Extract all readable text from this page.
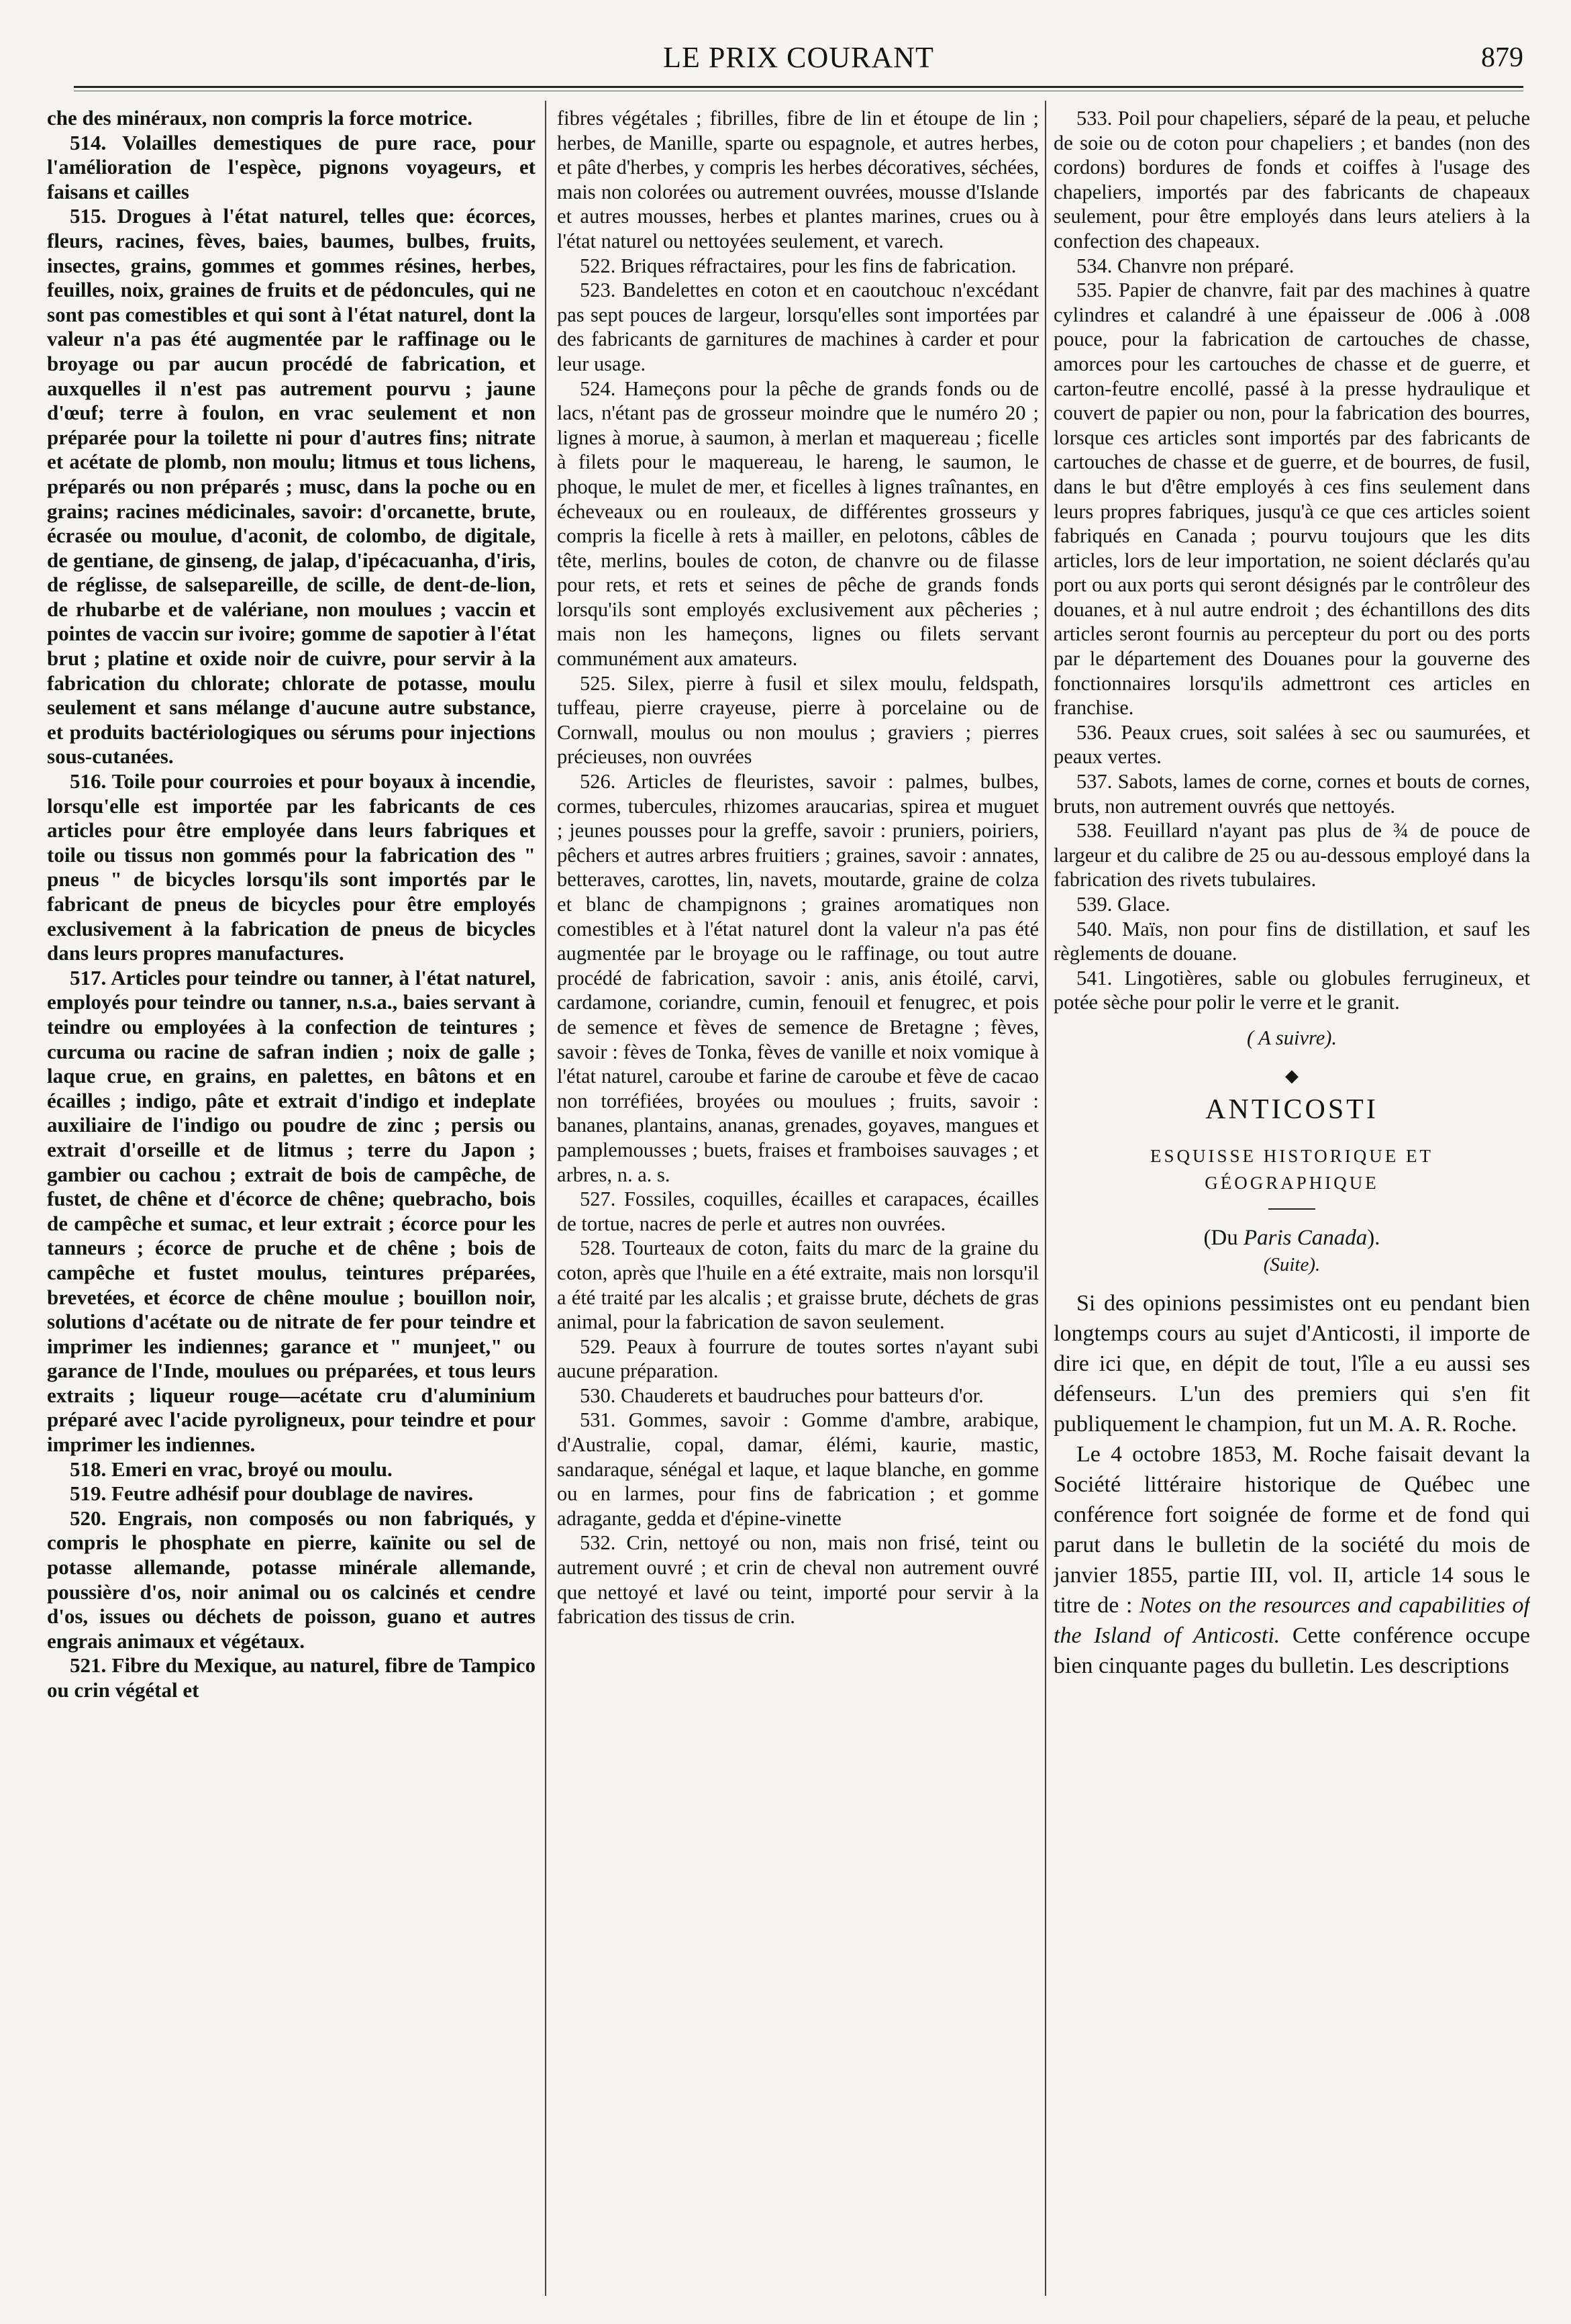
LE PRIX COURANT	879

che des minéraux, non compris la force motrice.

514. Volailles demestiques de pure race, pour l'amélioration de l'espèce, pignons voyageurs, et faisans et cailles

515. Drogues à l'état naturel, telles que: écorces, fleurs, racines, fèves, baies, baumes, bulbes, fruits, insectes, grains, gommes et gommes résines, herbes, feuilles, noix, graines de fruits et de pédoncules, qui ne sont pas comestibles et qui sont à l'état naturel, dont la valeur n'a pas été augmentée par le raffinage ou le broyage ou par aucun procédé de fabrication, et auxquelles il n'est pas autrement pourvu ; jaune d'œuf; terre à foulon, en vrac seulement et non préparée pour la toilette ni pour d'autres fins; nitrate et acétate de plomb, non moulu; litmus et tous lichens, préparés ou non préparés ; musc, dans la poche ou en grains; racines médicinales, savoir: d'orcanette, brute, écrasée ou moulue, d'aconit, de colombo, de digitale, de gentiane, de ginseng, de jalap, d'ipécacuanha, d'iris, de réglisse, de salsepareille, de scille, de dent-de-lion, de rhubarbe et de valériane, non moulues ; vaccin et pointes de vaccin sur ivoire; gomme de sapotier à l'état brut ; platine et oxide noir de cuivre, pour servir à la fabrication du chlorate; chlorate de potasse, moulu seulement et sans mélange d'aucune autre substance, et produits bactériologiques ou sérums pour injections sous-cutanées.

516. Toile pour courroies et pour boyaux à incendie, lorsqu'elle est importée par les fabricants de ces articles pour être employée dans leurs fabriques et toile ou tissus non gommés pour la fabrication des " pneus " de bicycles lorsqu'ils sont importés par le fabricant de pneus de bicycles pour être employés exclusivement à la fabrication de pneus de bicycles dans leurs propres manufactures.

517. Articles pour teindre ou tanner, à l'état naturel, employés pour teindre ou tanner, n.s.a., baies servant à teindre ou employées à la confection de teintures ; curcuma ou racine de safran indien ; noix de galle ; laque crue, en grains, en palettes, en bâtons et en écailles ; indigo, pâte et extrait d'indigo et indeplate auxiliaire de l'indigo ou poudre de zinc ; persis ou extrait d'orseille et de litmus ; terre du Japon ; gambier ou cachou ; extrait de bois de campêche, de fustet, de chêne et d'écorce de chêne; quebracho, bois de campêche et sumac, et leur extrait ; écorce pour les tanneurs ; écorce de pruche et de chêne ; bois de campêche et fustet moulus, teintures préparées, brevetées, et écorce de chêne moulue ; bouillon noir, solutions d'acétate ou de nitrate de fer pour teindre et imprimer les indiennes; garance et " munjeet," ou garance de l'Inde, moulues ou préparées, et tous leurs extraits ; liqueur rouge—acétate cru d'aluminium préparé avec l'acide pyroligneux, pour teindre et pour imprimer les indiennes.

518. Emeri en vrac, broyé ou moulu.

519. Feutre adhésif pour doublage de navires.

520. Engrais, non composés ou non fabriqués, y compris le phosphate en pierre, kaïnite ou sel de potasse allemande, potasse minérale allemande, poussière d'os, noir animal ou os calcinés et cendre d'os, issues ou déchets de poisson, guano et autres engrais animaux et végétaux.

521. Fibre du Mexique, au naturel, fibre de Tampico ou crin végétal et

fibres végétales ; fibrilles, fibre de lin et étoupe de lin ; herbes, de Manille, sparte ou espagnole, et autres herbes, et pâte d'herbes, y compris les herbes décoratives, séchées, mais non colorées ou autrement ouvrées, mousse d'Islande et autres mousses, herbes et plantes marines, crues ou à l'état naturel ou nettoyées seulement, et varech.

522. Briques réfractaires, pour les fins de fabrication.

523. Bandelettes en coton et en caoutchouc n'excédant pas sept pouces de largeur, lorsqu'elles sont importées par des fabricants de garnitures de machines à carder et pour leur usage.

524. Hameçons pour la pêche de grands fonds ou de lacs, n'étant pas de grosseur moindre que le numéro 20 ; lignes à morue, à saumon, à merlan et maquereau ; ficelle à filets pour le maquereau, le hareng, le saumon, le phoque, le mulet de mer, et ficelles à lignes traînantes, en écheveaux ou en rouleaux, de différentes grosseurs y compris la ficelle à rets à mailler, en pelotons, câbles de tête, merlins, boules de coton, de chanvre ou de filasse pour rets, et rets et seines de pêche de grands fonds lorsqu'ils sont employés exclusivement aux pêcheries ; mais non les hameçons, lignes ou filets servant communément aux amateurs.

525. Silex, pierre à fusil et silex moulu, feldspath, tuffeau, pierre crayeuse, pierre à porcelaine ou de Cornwall, moulus ou non moulus ; graviers ; pierres précieuses, non ouvrées

526. Articles de fleuristes, savoir : palmes, bulbes, cormes, tubercules, rhizomes araucarias, spirea et muguet ; jeunes pousses pour la greffe, savoir : pruniers, poiriers, pêchers et autres arbres fruitiers ; graines, savoir : annates, betteraves, carottes, lin, navets, moutarde, graine de colza et blanc de champignons ; graines aromatiques non comestibles et à l'état naturel dont la valeur n'a pas été augmentée par le broyage ou le raffinage, ou tout autre procédé de fabrication, savoir : anis, anis étoilé, carvi, cardamone, coriandre, cumin, fenouil et fenugrec, et pois de semence et fèves de semence de Bretagne ; fèves, savoir : fèves de Tonka, fèves de vanille et noix vomique à l'état naturel, caroube et farine de caroube et fève de cacao non torréfiées, broyées ou moulues ; fruits, savoir : bananes, plantains, ananas, grenades, goyaves, mangues et pamplemousses ; buets, fraises et framboises sauvages ; et arbres, n. a. s.

527. Fossiles, coquilles, écailles et carapaces, écailles de tortue, nacres de perle et autres non ouvrées.

528. Tourteaux de coton, faits du marc de la graine du coton, après que l'huile en a été extraite, mais non lorsqu'il a été traité par les alcalis ; et graisse brute, déchets de gras animal, pour la fabrication de savon seulement.

529. Peaux à fourrure de toutes sortes n'ayant subi aucune préparation.

530. Chauderets et baudruches pour batteurs d'or.

531. Gommes, savoir : Gomme d'ambre, arabique, d'Australie, copal, damar, élémi, kaurie, mastic, sandaraque, sénégal et laque, et laque blanche, en gomme ou en larmes, pour fins de fabrication ; et gomme adragante, gedda et d'épine-vinette

532. Crin, nettoyé ou non, mais non frisé, teint ou autrement ouvré ; et crin de cheval non autrement ouvré que nettoyé et lavé ou teint, importé pour servir à la fabrication des tissus de crin.

533. Poil pour chapeliers, séparé de la peau, et peluche de soie ou de coton pour chapeliers ; et bandes (non des cordons) bordures de fonds et coiffes à l'usage des chapeliers, importés par des fabricants de chapeaux seulement, pour être employés dans leurs ateliers à la confection des chapeaux.

534. Chanvre non préparé.

535. Papier de chanvre, fait par des machines à quatre cylindres et calandré à une épaisseur de .006 à .008 pouce, pour la fabrication de cartouches de chasse, amorces pour les cartouches de chasse et de guerre, et carton-feutre encollé, passé à la presse hydraulique et couvert de papier ou non, pour la fabrication des bourres, lorsque ces articles sont importés par des fabricants de cartouches de chasse et de guerre, et de bourres, de fusil, dans le but d'être employés à ces fins seulement dans leurs propres fabriques, jusqu'à ce que ces articles soient fabriqués en Canada ; pourvu toujours que les dits articles, lors de leur importation, ne soient déclarés qu'au port ou aux ports qui seront désignés par le contrôleur des douanes, et à nul autre endroit ; des échantillons des dits articles seront fournis au percepteur du port ou des ports par le département des Douanes pour la gouverne des fonctionnaires lorsqu'ils admettront ces articles en franchise.

536. Peaux crues, soit salées à sec ou saumurées, et peaux vertes.

537. Sabots, lames de corne, cornes et bouts de cornes, bruts, non autrement ouvrés que nettoyés.

538. Feuillard n'ayant pas plus de ¾ de pouce de largeur et du calibre de 25 ou au-dessous employé dans la fabrication des rivets tubulaires.

539. Glace.

540. Maïs, non pour fins de distillation, et sauf les règlements de douane.

541. Lingotières, sable ou globules ferrugineux, et potée sèche pour polir le verre et le granit.

( A suivre).

◆

ANTICOSTI

ESQUISSE HISTORIQUE ET GÉOGRAPHIQUE

(Du Paris Canada).

(Suite).

Si des opinions pessimistes ont eu pendant bien longtemps cours au sujet d'Anticosti, il importe de dire ici que, en dépit de tout, l'île a eu aussi ses défenseurs. L'un des premiers qui s'en fit publiquement le champion, fut un M. A. R. Roche.

Le 4 octobre 1853, M. Roche faisait devant la Société littéraire historique de Québec une conférence fort soignée de forme et de fond qui parut dans le bulletin de la société du mois de janvier 1855, partie III, vol. II, article 14 sous le titre de : Notes on the resources and capabilities of the Island of Anticosti. Cette conférence occupe bien cinquante pages du bulletin. Les descriptions
